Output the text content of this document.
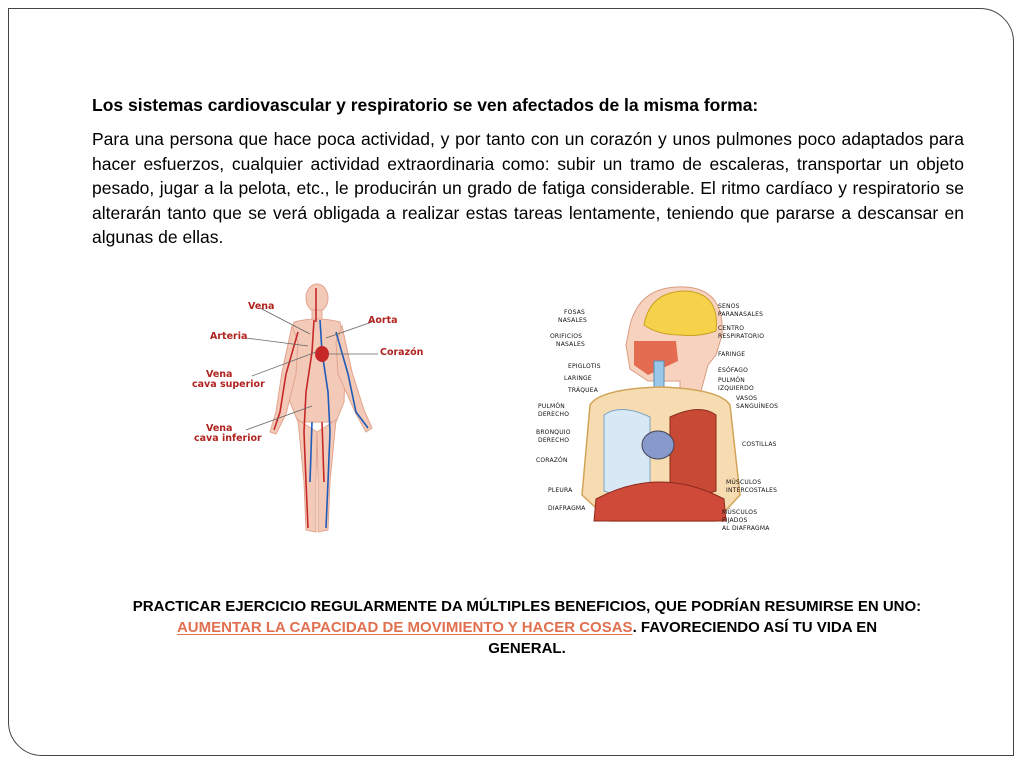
Los sistemas cardiovascular y respiratorio se ven afectados de la misma forma:

Para una persona que hace poca actividad, y por tanto con un corazón y unos pulmones poco adaptados para hacer esfuerzos, cualquier actividad extraordinaria como: subir un tramo de escaleras, transportar un objeto pesado, jugar a la pelota, etc., le producirán un grado de fatiga considerable. El ritmo cardíaco y respiratorio se alterarán tanto que se verá obligada a realizar estas tareas lentamente, teniendo que pararse a descansar en algunas de ellas.

Vena
Aorta
Arteria
Corazón
Vena
cava superior
Vena
cava inferior
FOSAS
NASALES
ORIFICIOS
NASALES
EPIGLOTIS
LARINGE
TRÁQUEA
PULMÓN
DERECHO
BRONQUIO
DERECHO
CORAZÓN
PLEURA
DIAFRAGMA
SENOS
PARANASALES
CENTRO
RESPIRATORIO
FARINGE
ESÓFAGO
PULMÓN
IZQUIERDO
VASOS
SANGUÍNEOS
COSTILLAS
MÚSCULOS
INTERCOSTALES
MÚSCULOS
FIJADOS
AL DIAFRAGMA
PRACTICAR EJERCICIO REGULARMENTE DA MÚLTIPLES BENEFICIOS, QUE PODRÍAN RESUMIRSE EN UNO:
AUMENTAR LA CAPACIDAD DE MOVIMIENTO Y HACER COSAS. FAVORECIENDO ASÍ TU VIDA EN
GENERAL.
